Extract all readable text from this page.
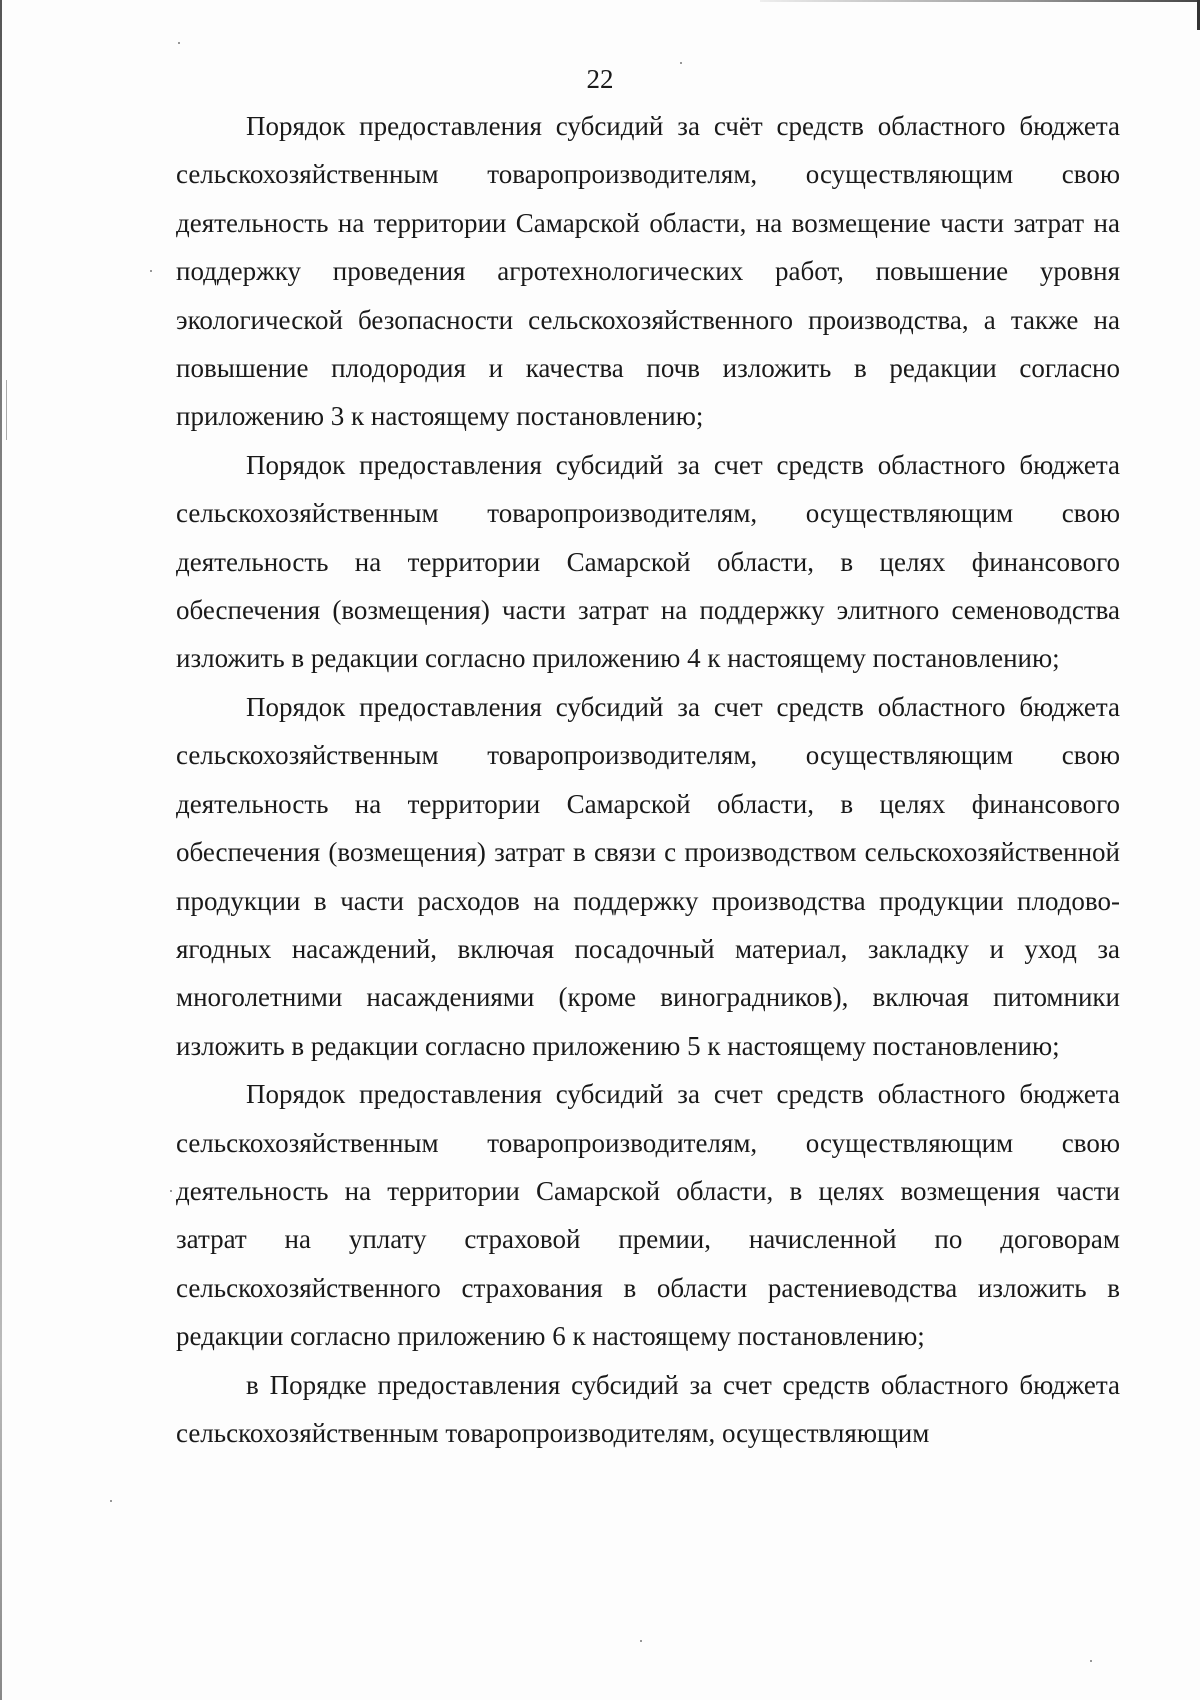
22

Порядок предоставления субсидий за счёт средств областного бюджета сельскохозяйственным товаропроизводителям, осуществляющим свою деятельность на территории Самарской области, на возмещение части затрат на поддержку проведения агротехнологических работ, повышение уровня экологической безопасности сельскохозяйственного производства, а также на повышение плодородия и качества почв изложить в редакции согласно приложению 3 к настоящему постановлению;

Порядок предоставления субсидий за счет средств областного бюджета сельскохозяйственным товаропроизводителям, осуществляющим свою деятельность на территории Самарской области, в целях финансового обеспечения (возмещения) части затрат на поддержку элитного семеноводства изложить в редакции согласно приложению 4 к настоящему постановлению;

Порядок предоставления субсидий за счет средств областного бюджета сельскохозяйственным товаропроизводителям, осуществляющим свою деятельность на территории Самарской области, в целях финансового обеспечения (возмещения) затрат в связи с производством сельскохозяйственной продукции в части расходов на поддержку производства продукции плодово-ягодных насаждений, включая посадочный материал, закладку и уход за многолетними насаждениями (кроме виноградников), включая питомники изложить в редакции согласно приложению 5 к настоящему постановлению;

Порядок предоставления субсидий за счет средств областного бюджета сельскохозяйственным товаропроизводителям, осуществляющим свою деятельность на территории Самарской области, в целях возмещения части затрат на уплату страховой премии, начисленной по договорам сельскохозяйственного страхования в области растениеводства изложить в редакции согласно приложению 6 к настоящему постановлению;

в Порядке предоставления субсидий за счет средств областного бюджета сельскохозяйственным товаропроизводителям, осуществляющим
